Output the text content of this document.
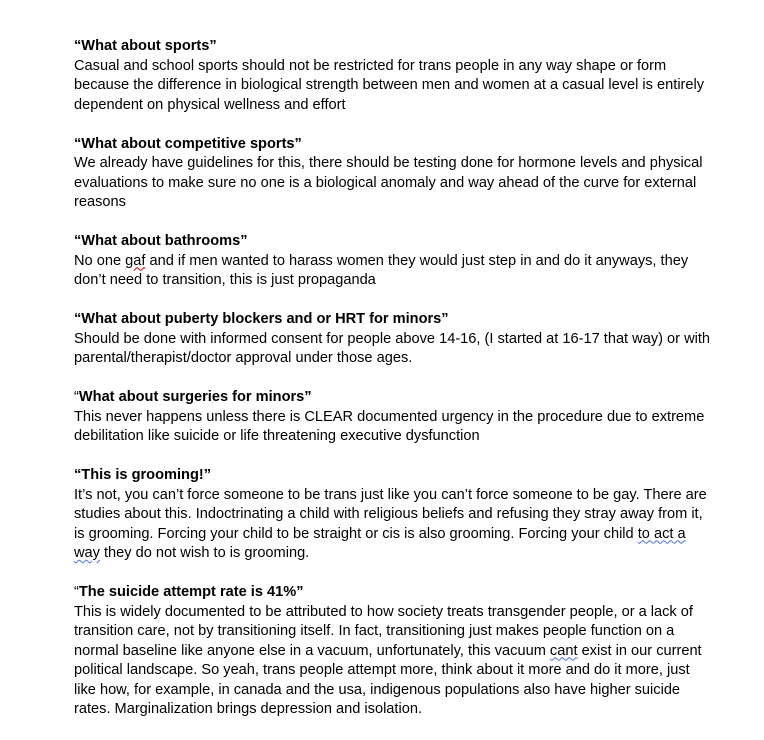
“What about sports”
Casual and school sports should not be restricted for trans people in any way shape or form because the difference in biological strength between men and women at a casual level is entirely dependent on physical wellness and effort
“What about competitive sports”
We already have guidelines for this, there should be testing done for hormone levels and physical evaluations to make sure no one is a biological anomaly and way ahead of the curve for external reasons
“What about bathrooms”
No one gaf and if men wanted to harass women they would just step in and do it anyways, they don’t need to transition, this is just propaganda
“What about puberty blockers and or HRT for minors”
Should be done with informed consent for people above 14-16, (I started at 16-17 that way) or with parental/therapist/doctor approval under those ages.
“What about surgeries for minors”
This never happens unless there is CLEAR documented urgency in the procedure due to extreme debilitation like suicide or life threatening executive dysfunction
“This is grooming!”
It’s not, you can’t force someone to be trans just like you can’t force someone to be gay. There are studies about this. Indoctrinating a child with religious beliefs and refusing they stray away from it, is grooming. Forcing your child to be straight or cis is also grooming. Forcing your child to act a way they do not wish to is grooming.
“The suicide attempt rate is 41%”
This is widely documented to be attributed to how society treats transgender people, or a lack of transition care, not by transitioning itself. In fact, transitioning just makes people function on a normal baseline like anyone else in a vacuum, unfortunately, this vacuum cant exist in our current political landscape. So yeah, trans people attempt more, think about it more and do it more, just like how, for example, in canada and the usa, indigenous populations also have higher suicide rates. Marginalization brings depression and isolation.
